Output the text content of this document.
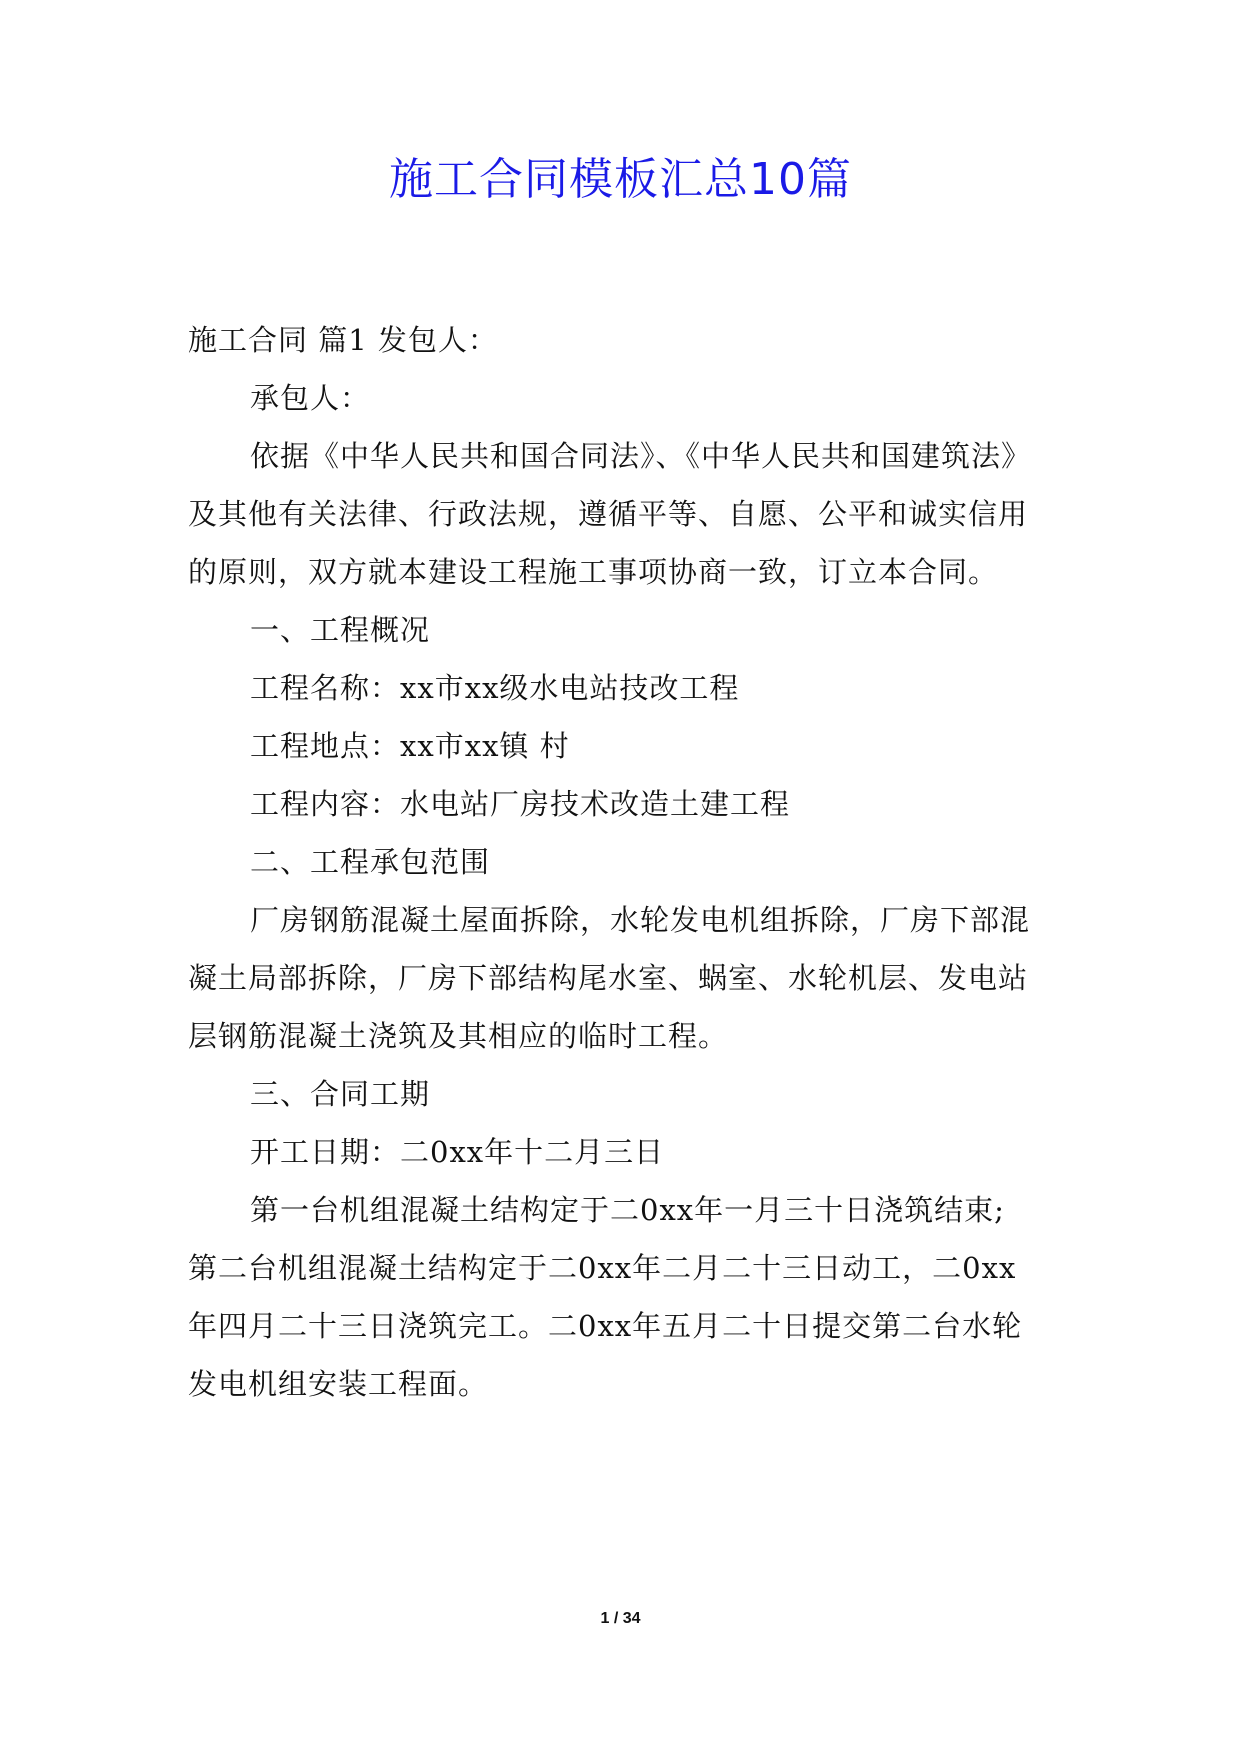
施工合同模板汇总10篇
施工合同 篇1 发包人：
承包人：
依据《中华人民共和国合同法》、《中华人民共和国建筑法》
及其他有关法律、行政法规，遵循平等、自愿、公平和诚实信用
的原则，双方就本建设工程施工事项协商一致，订立本合同。
一、工程概况
工程名称：xx市xx级水电站技改工程
工程地点：xx市xx镇 村
工程内容：水电站厂房技术改造土建工程
二、工程承包范围
厂房钢筋混凝土屋面拆除，水轮发电机组拆除，厂房下部混
凝土局部拆除，厂房下部结构尾水室、蜗室、水轮机层、发电站
层钢筋混凝土浇筑及其相应的临时工程。
三、合同工期
开工日期：二0xx年十二月三日
第一台机组混凝土结构定于二0xx年一月三十日浇筑结束;
第二台机组混凝土结构定于二0xx年二月二十三日动工，二0xx
年四月二十三日浇筑完工。二0xx年五月二十日提交第二台水轮
发电机组安装工程面。
1 / 34
